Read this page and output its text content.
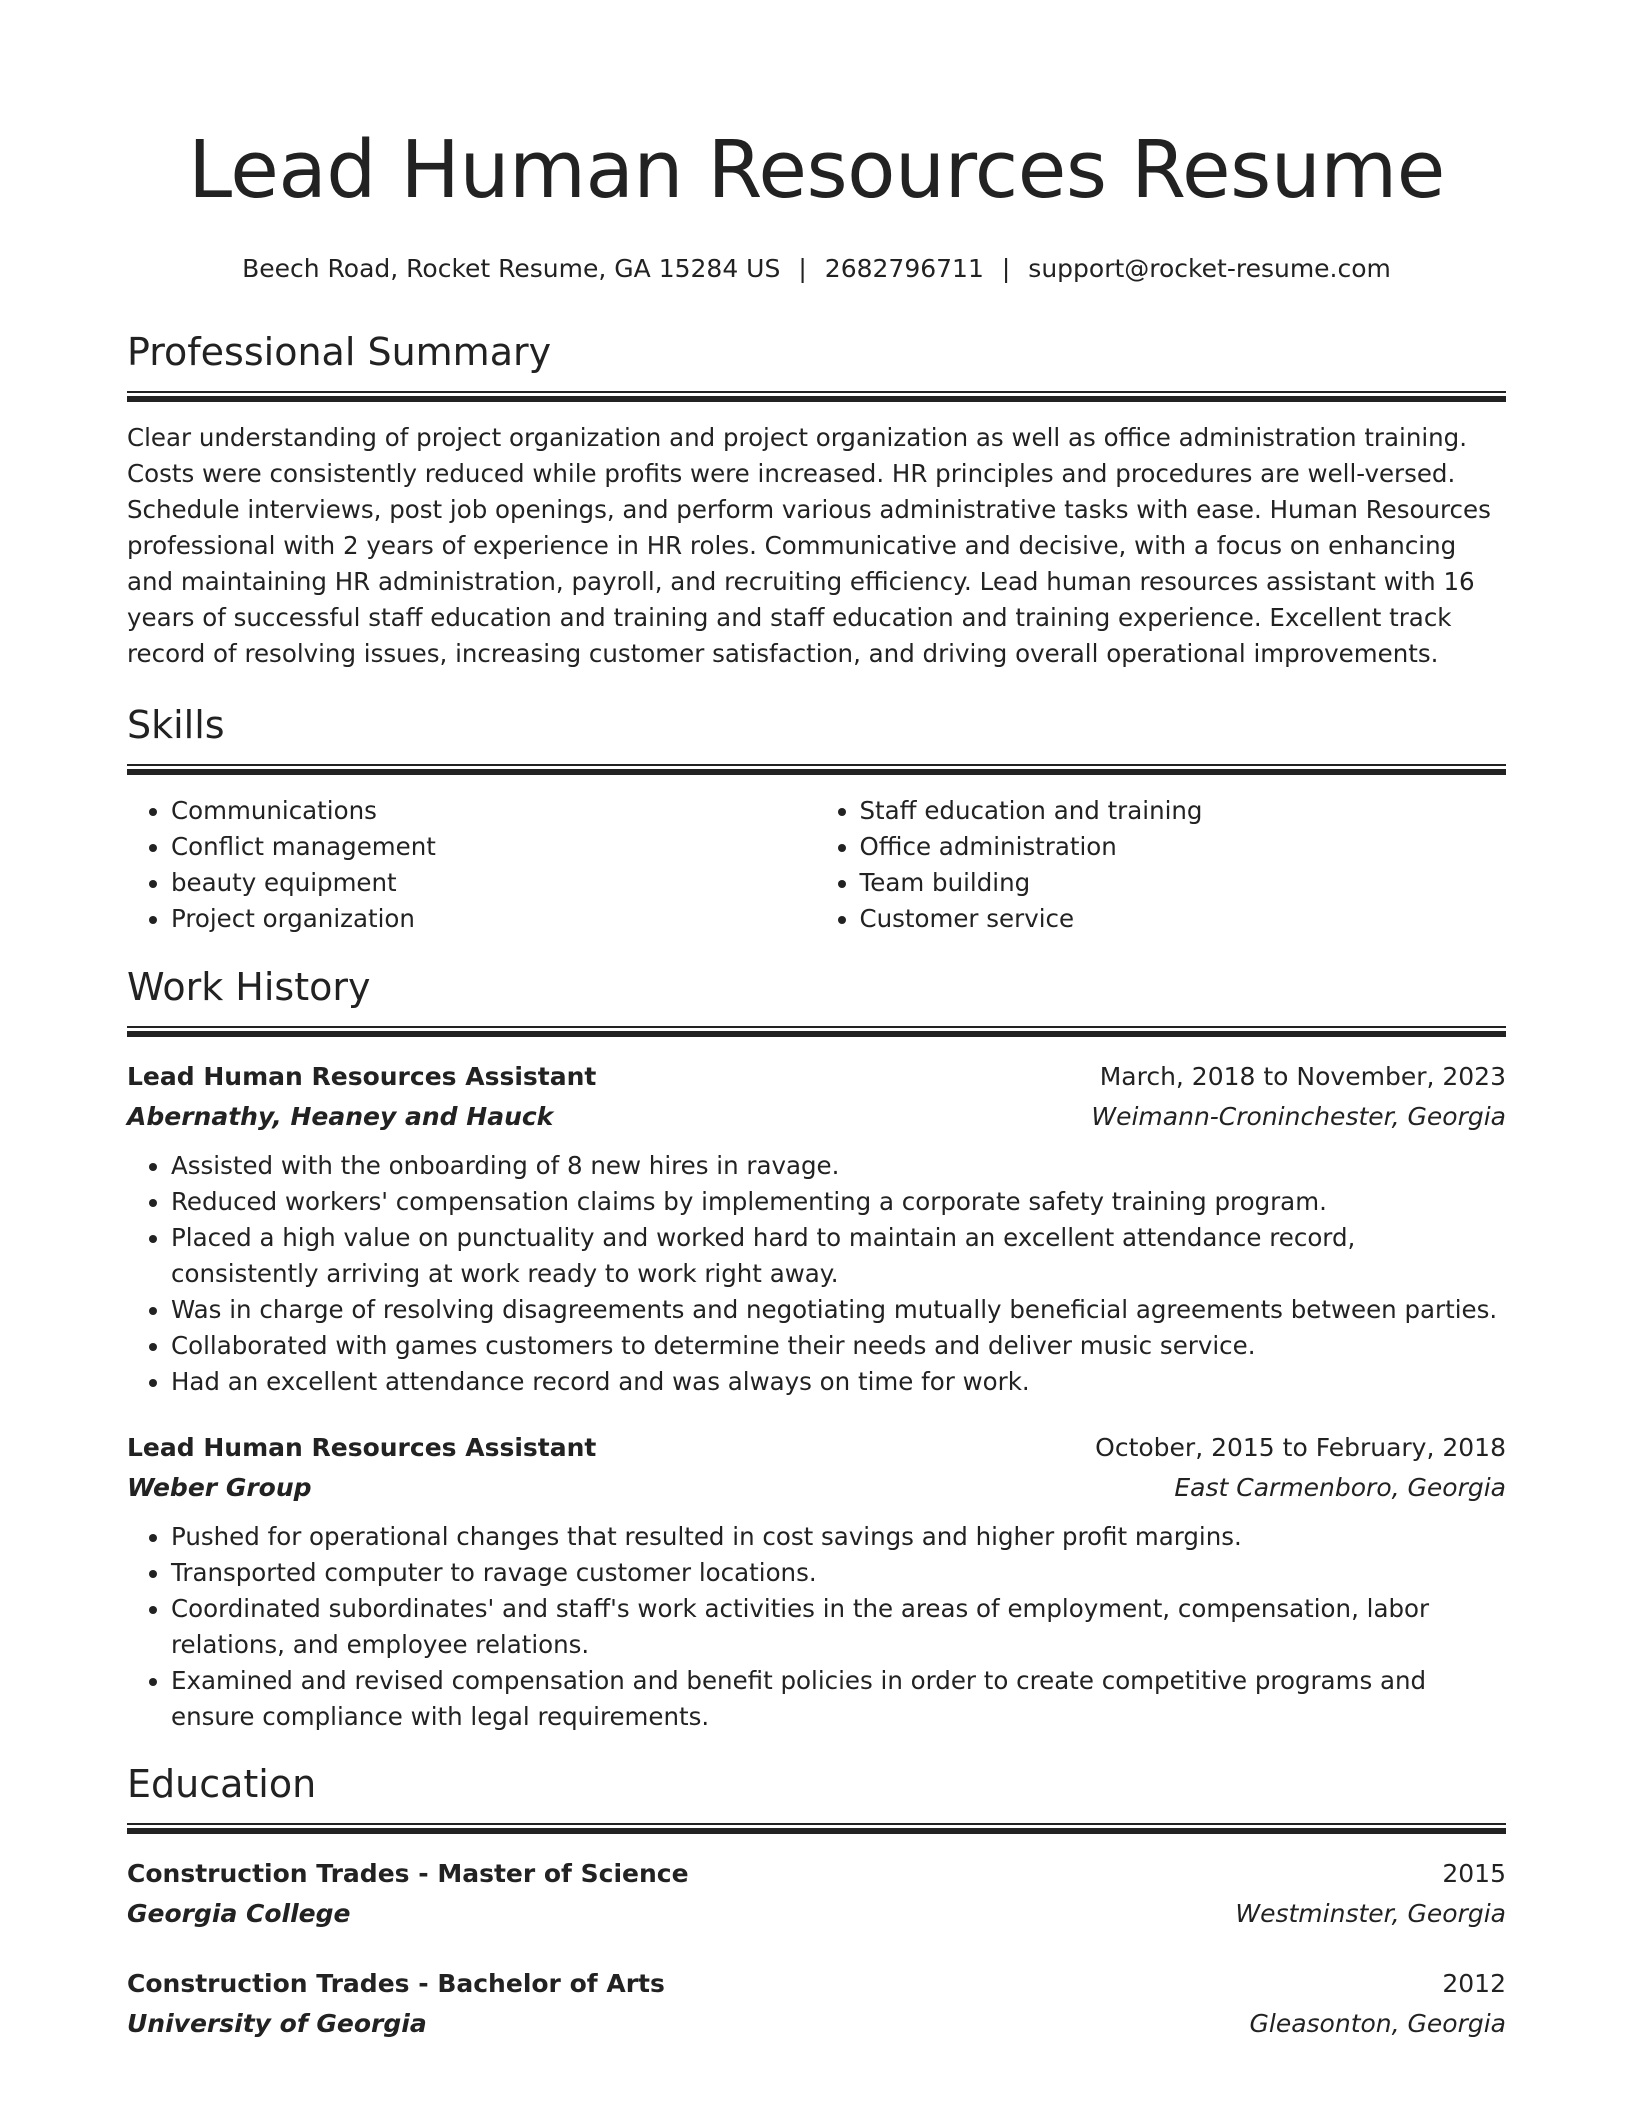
Lead Human Resources Resume
Beech Road, Rocket Resume, GA 15284 US | 2682796711 | support@rocket-resume.com
Professional Summary
Clear understanding of project organization and project organization as well as office administration training. Costs were consistently reduced while profits were increased. HR principles and procedures are well-versed. Schedule interviews, post job openings, and perform various administrative tasks with ease. Human Resources professional with 2 years of experience in HR roles. Communicative and decisive, with a focus on enhancing and maintaining HR administration, payroll, and recruiting efficiency. Lead human resources assistant with 16 years of successful staff education and training and staff education and training experience. Excellent track record of resolving issues, increasing customer satisfaction, and driving overall operational improvements.
Skills
• Communications
• Conflict management
• beauty equipment
• Project organization
• Staff education and training
• Office administration
• Team building
• Customer service
Work History
Lead Human Resources Assistant	March, 2018 to November, 2023
Abernathy, Heaney and Hauck	Weimann-Croninchester, Georgia
• Assisted with the onboarding of 8 new hires in ravage.
• Reduced workers' compensation claims by implementing a corporate safety training program.
• Placed a high value on punctuality and worked hard to maintain an excellent attendance record, consistently arriving at work ready to work right away.
• Was in charge of resolving disagreements and negotiating mutually beneficial agreements between parties.
• Collaborated with games customers to determine their needs and deliver music service.
• Had an excellent attendance record and was always on time for work.
Lead Human Resources Assistant	October, 2015 to February, 2018
Weber Group	East Carmenboro, Georgia
• Pushed for operational changes that resulted in cost savings and higher profit margins.
• Transported computer to ravage customer locations.
• Coordinated subordinates' and staff's work activities in the areas of employment, compensation, labor relations, and employee relations.
• Examined and revised compensation and benefit policies in order to create competitive programs and ensure compliance with legal requirements.
Education
Construction Trades - Master of Science	2015
Georgia College	Westminster, Georgia
Construction Trades - Bachelor of Arts	2012
University of Georgia	Gleasonton, Georgia
